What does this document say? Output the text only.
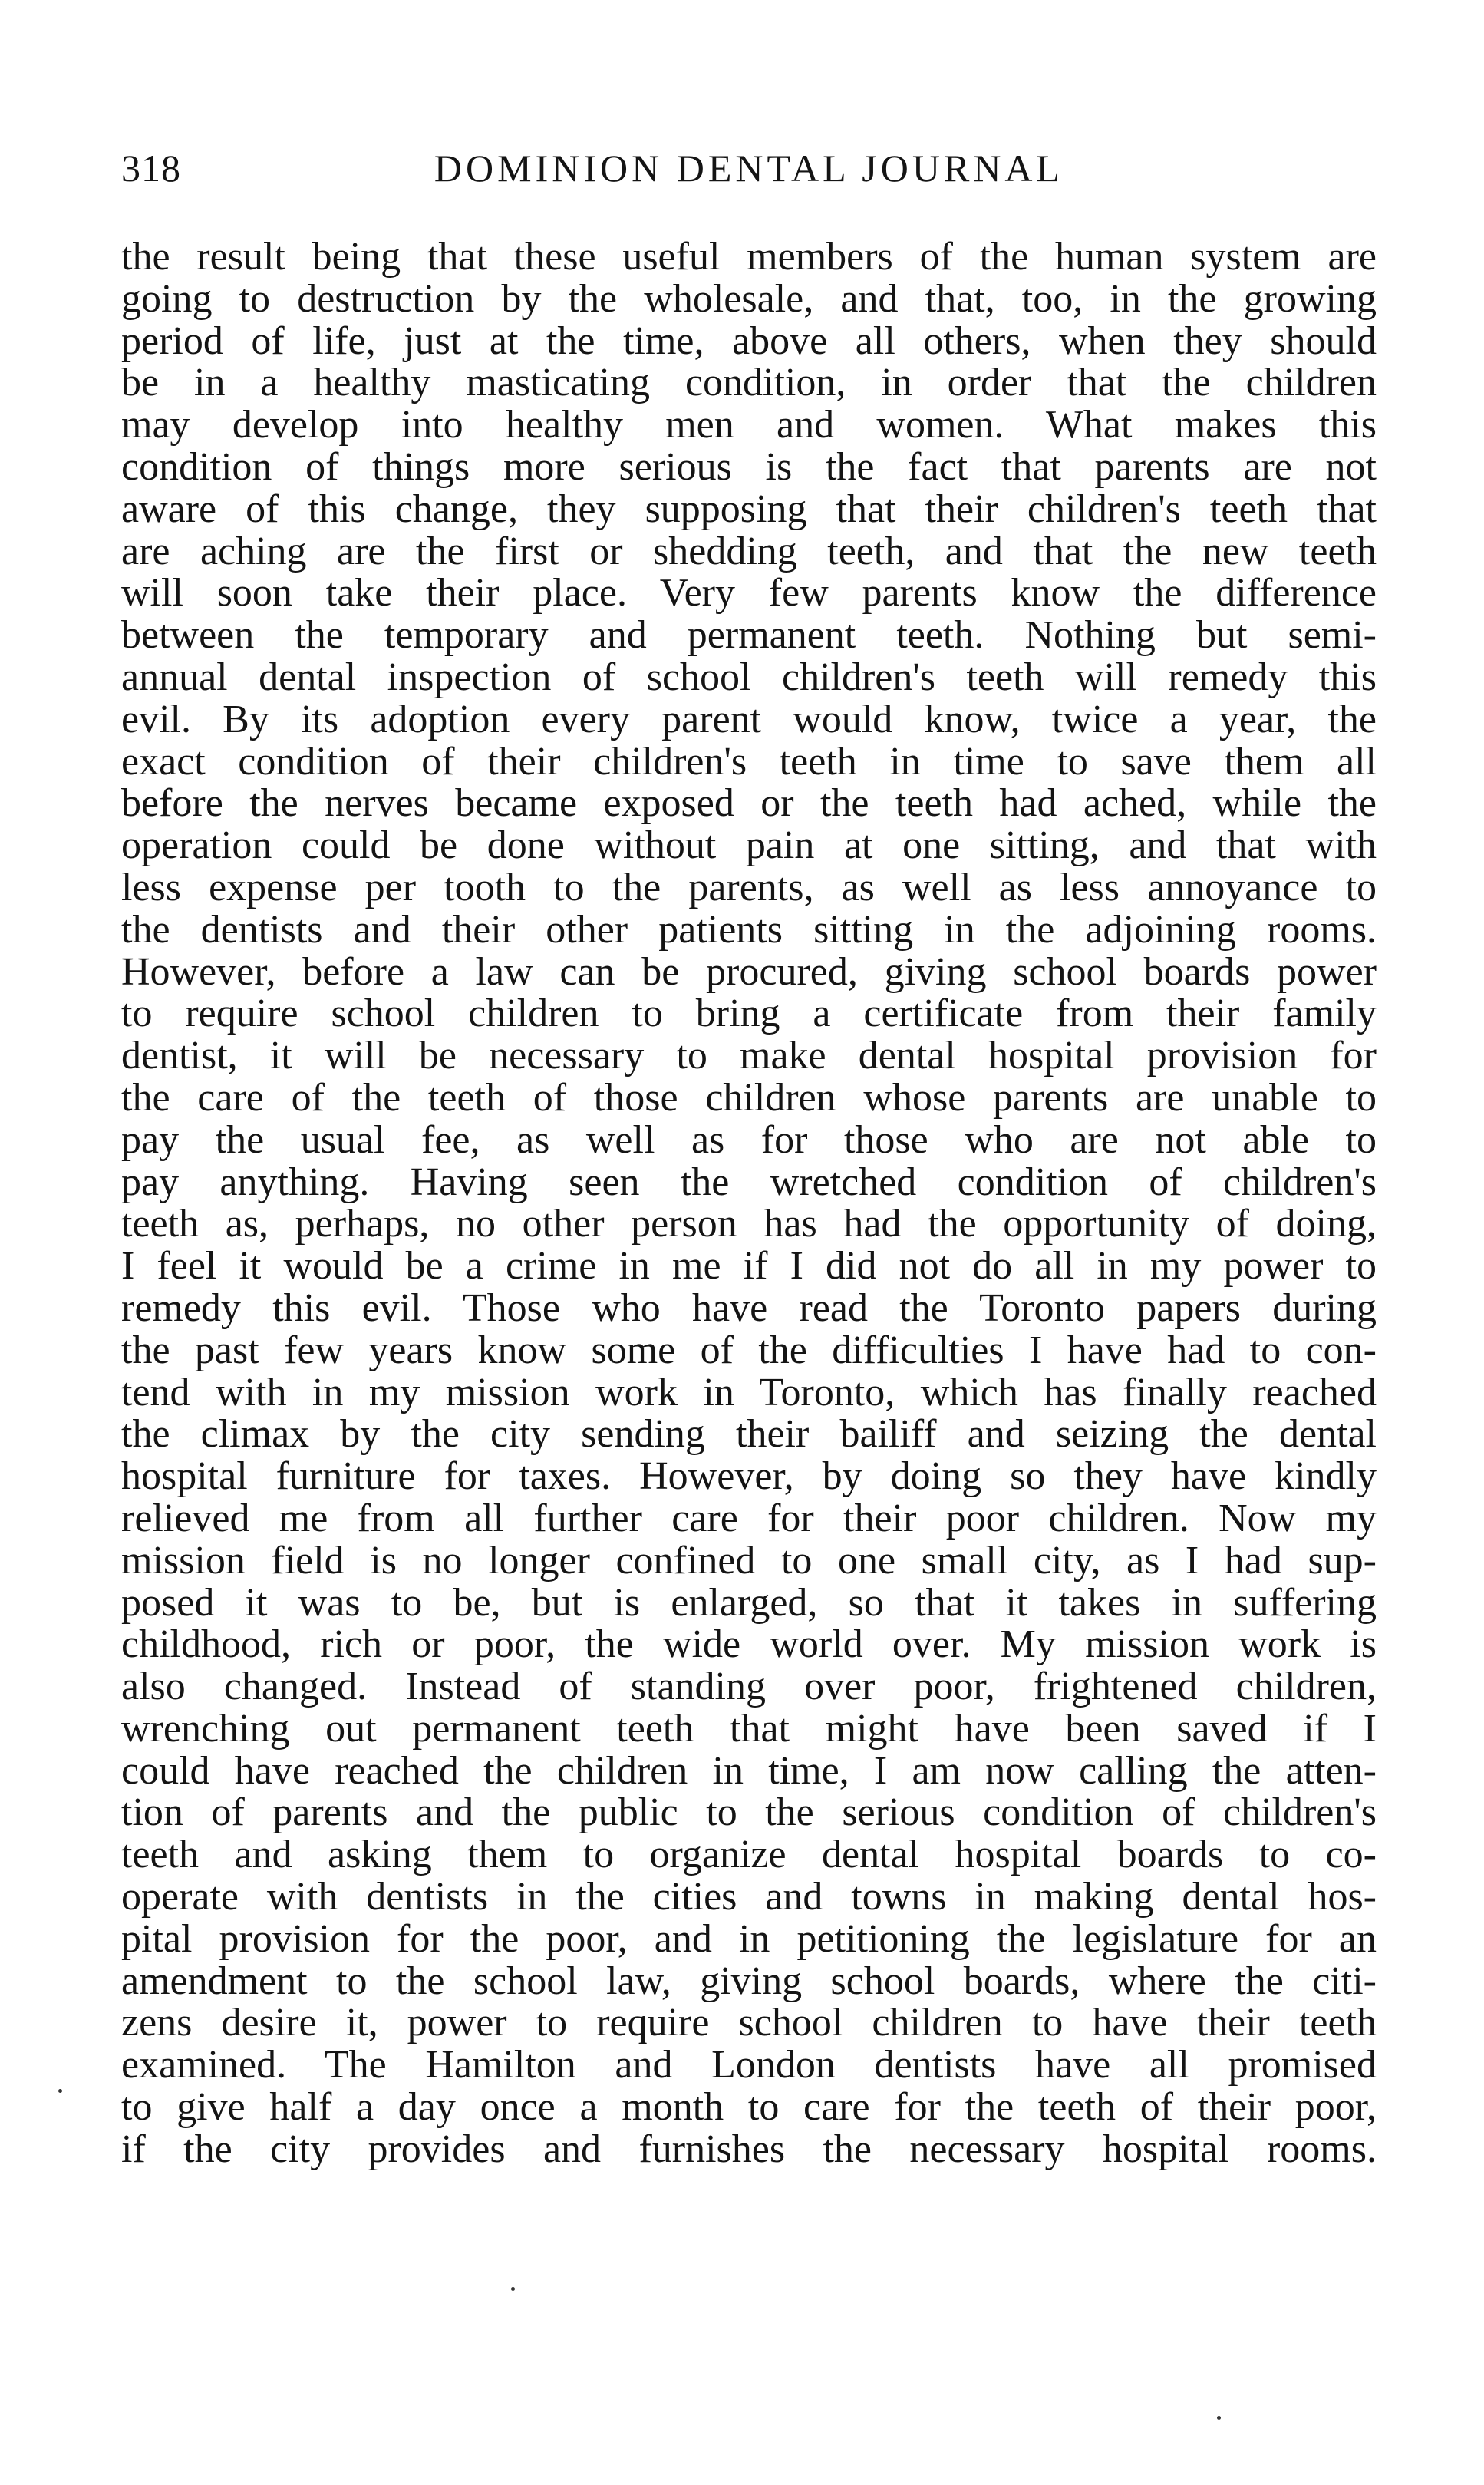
318	DOMINION DENTAL JOURNAL
the result being that these useful members of the human system are
going to destruction by the wholesale, and that, too, in the growing
period of life, just at the time, above all others, when they should
be in a healthy masticating condition, in order that the children
may develop into healthy men and women. What makes this
condition of things more serious is the fact that parents are not
aware of this change, they supposing that their children's teeth that
are aching are the first or shedding teeth, and that the new teeth
will soon take their place. Very few parents know the difference
between the temporary and permanent teeth. Nothing but semi-
annual dental inspection of school children's teeth will remedy this
evil. By its adoption every parent would know, twice a year, the
exact condition of their children's teeth in time to save them all
before the nerves became exposed or the teeth had ached, while the
operation could be done without pain at one sitting, and that with
less expense per tooth to the parents, as well as less annoyance to
the dentists and their other patients sitting in the adjoining rooms.
However, before a law can be procured, giving school boards power
to require school children to bring a certificate from their family
dentist, it will be necessary to make dental hospital provision for
the care of the teeth of those children whose parents are unable to
pay the usual fee, as well as for those who are not able to
pay anything. Having seen the wretched condition of children's
teeth as, perhaps, no other person has had the opportunity of doing,
I feel it would be a crime in me if I did not do all in my power to
remedy this evil. Those who have read the Toronto papers during
the past few years know some of the difficulties I have had to con-
tend with in my mission work in Toronto, which has finally reached
the climax by the city sending their bailiff and seizing the dental
hospital furniture for taxes. However, by doing so they have kindly
relieved me from all further care for their poor children. Now my
mission field is no longer confined to one small city, as I had sup-
posed it was to be, but is enlarged, so that it takes in suffering
childhood, rich or poor, the wide world over. My mission work is
also changed. Instead of standing over poor, frightened children,
wrenching out permanent teeth that might have been saved if I
could have reached the children in time, I am now calling the atten-
tion of parents and the public to the serious condition of children's
teeth and asking them to organize dental hospital boards to co-
operate with dentists in the cities and towns in making dental hos-
pital provision for the poor, and in petitioning the legislature for an
amendment to the school law, giving school boards, where the citi-
zens desire it, power to require school children to have their teeth
examined. The Hamilton and London dentists have all promised
to give half a day once a month to care for the teeth of their poor,
if the city provides and furnishes the necessary hospital rooms.
